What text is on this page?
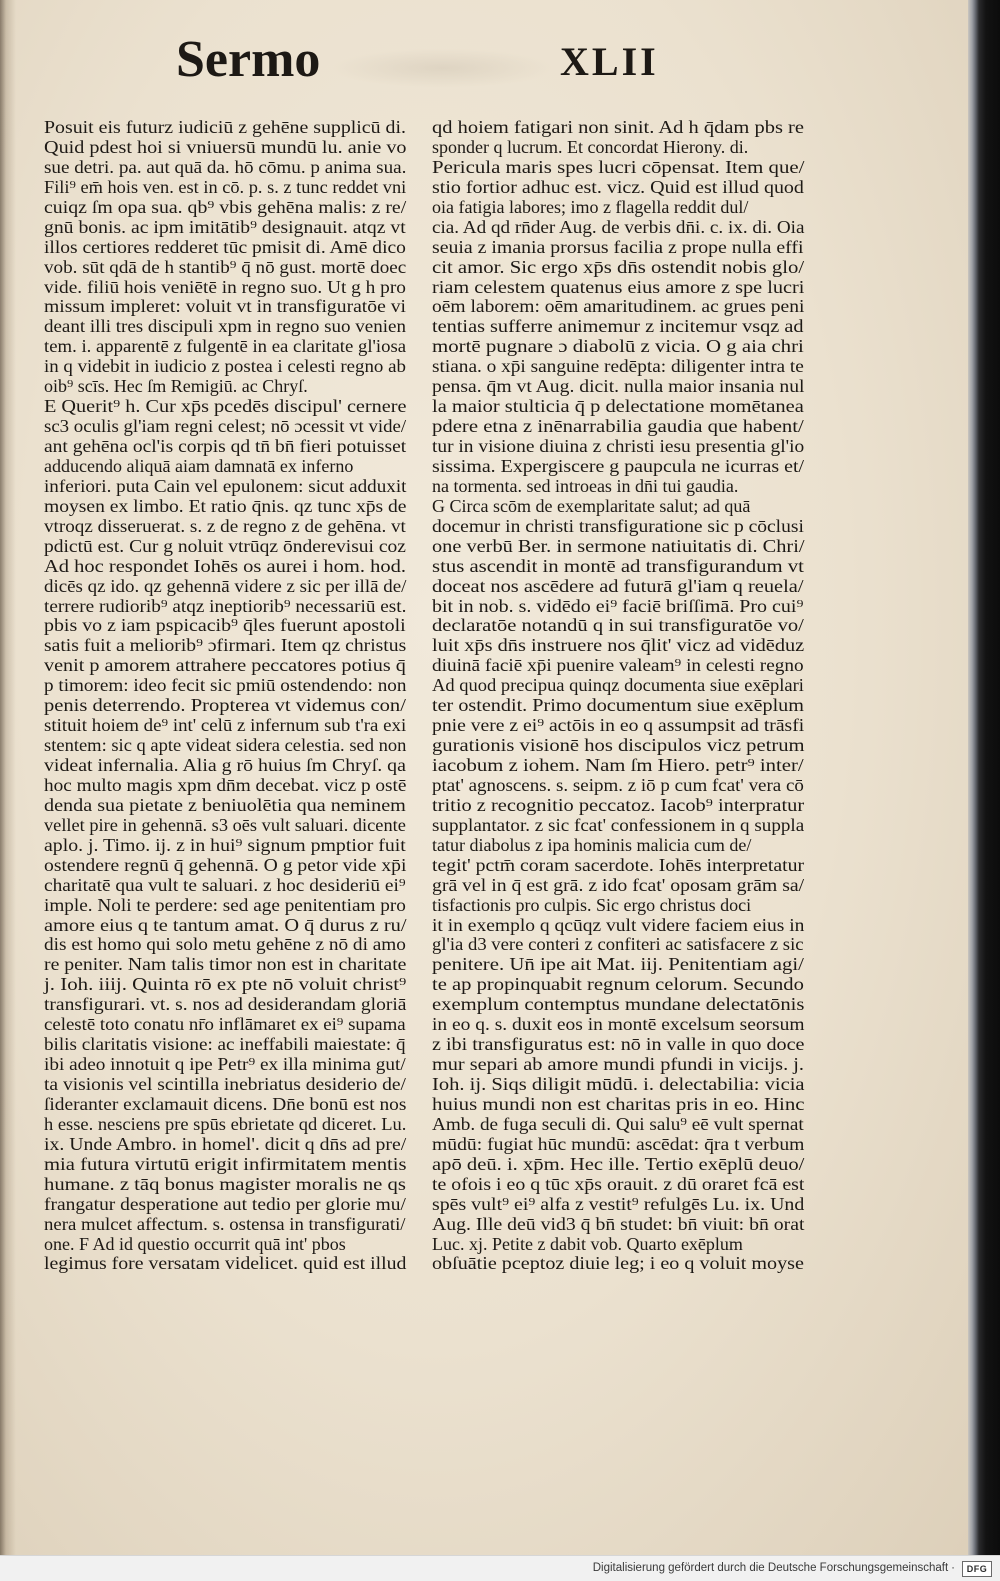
Sermo	XLII
Posuit eis futurz iudiciū z gehēne supplicū di.
Quid pdest hoi si vniuersū mundū lu. anie vo
sue detri. pa. aut quā da. hō cōmu. p anima sua.
Fili⁹ em̄ hois ven. est in cō. p. s. z tunc reddet vni
cuiqz ſm opa sua. qb⁹ vbis gehēna malis: z re/
gnū bonis. ac ipm imitātib⁹ designauit. atqz vt
illos certiores redderet tūc pmisit di. Amē dico
vob. sūt qdā de h stantib⁹ q̄ nō gust. mortē doec
vide. filiū hois veniētē in regno suo. Ut g h pro
missum impleret: voluit vt in transfiguratōe vi
deant illi tres discipuli xpm in regno suo venien
tem. i. apparentē z fulgentē in ea claritate gl'iosa
in q videbit in iudicio z postea i celesti regno ab
oib⁹ scīs. Hec ſm Remigiū. ac Chryſ.
E Querit⁹ h. Cur xp̄s pcedēs discipul' cernere
sc3 oculis gl'iam regni celest; nō ɔcessit vt vide/
ant gehēna ocl'is corpis qd tn̄ bn̄ fieri potuisset
adducendo aliquā aiam damnatā ex inferno
inferiori. puta Cain vel epulonem: sicut adduxit
moysen ex limbo. Et ratio q̄nis. qz tunc xp̄s de
vtroqz disseruerat. s. z de regno z de gehēna. vt
pdictū est. Cur g noluit vtrūqz ōnderevisui coz
Ad hoc respondet Iohēs os aurei i hom. hod.
dicēs qz ido. qz gehennā videre z sic per illā de/
terrere rudiorib⁹ atqz ineptiorib⁹ necessariū est.
pbis vo z iam pspicacib⁹ q̄les fuerunt apostoli
satis fuit a meliorib⁹ ɔfirmari. Item qz christus
venit p amorem attrahere peccatores potius q̄
p timorem: ideo fecit sic pmiū ostendendo: non
penis deterrendo. Propterea vt videmus con/
stituit hoiem de⁹ int' celū z infernum sub t'ra exi
stentem: sic q apte videat sidera celestia. sed non
videat infernalia. Alia g rō huius ſm Chryſ. qa
hoc multo magis xpm dn̄m decebat. vicz p ostē
denda sua pietate z beniuolētia qua neminem
vellet pire in gehennā. s3 oēs vult saluari. dicente
aplo. j. Timo. ij. z in hui⁹ signum pmptior fuit
ostendere regnū q̄ gehennā. O g petor vide xp̄i
charitatē qua vult te saluari. z hoc desideriū ei⁹
imple. Noli te perdere: sed age penitentiam pro
amore eius q te tantum amat. O q̄ durus z ru/
dis est homo qui solo metu gehēne z nō di amo
re peniter. Nam talis timor non est in charitate
j. Ioh. iiij. Quinta rō ex pte nō voluit christ⁹
transfigurari. vt. s. nos ad desiderandam gloriā
celestē toto conatu nr̄o inflāmaret ex ei⁹ supama
bilis claritatis visione: ac ineffabili maiestate: q̄
ibi adeo innotuit q ipe Petr⁹ ex illa minima gut/
ta visionis vel scintilla inebriatus desiderio de/
ſideranter exclamauit dicens. Dn̄e bonū est nos
h esse. nesciens pre spūs ebrietate qd diceret. Lu.
ix. Unde Ambro. in homel'. dicit q dn̄s ad pre/
mia futura virtutū erigit infirmitatem mentis
humane. z tāq bonus magister moralis ne qs
frangatur desperatione aut tedio per glorie mu/
nera mulcet affectum. s. ostensa in transfigurati/
one. F Ad id questio occurrit quā int' pbos
legimus fore versatam videlicet. quid est illud
qd hoiem fatigari non sinit. Ad h q̄dam pbs re
sponder q lucrum. Et concordat Hierony. di.
Pericula maris spes lucri cōpensat. Item que/
stio fortior adhuc est. vicz. Quid est illud quod
oia fatigia labores; imo z flagella reddit dul/
cia. Ad qd rn̄der Aug. de verbis dn̄i. c. ix. di. Oia
seuia z imania prorsus facilia z prope nulla effi
cit amor. Sic ergo xp̄s dn̄s ostendit nobis glo/
riam celestem quatenus eius amore z spe lucri
oēm laborem: oēm amaritudinem. ac grues peni
tentias sufferre animemur z incitemur vsqz ad
mortē pugnare ɔ diabolū z vicia. O g aia chri
stiana. o xp̄i sanguine redēpta: diligenter intra te
pensa. q̄m vt Aug. dicit. nulla maior insania nul
la maior stulticia q̄ p delectatione momētanea
pdere etna z inēnarrabilia gaudia que habent/
tur in visione diuina z christi iesu presentia gl'io
sissima. Expergiscere g paupcula ne icurras et/
na tormenta. sed introeas in dn̄i tui gaudia.
G Circa scōm de exemplaritate salut; ad quā
docemur in christi transfiguratione sic p cōclusi
one verbū Ber. in sermone natiuitatis di. Chri/
stus ascendit in montē ad transfigurandum vt
doceat nos ascēdere ad futurā gl'iam q reuela/
bit in nob. s. vidēdo ei⁹ faciē briſſimā. Pro cui⁹
declaratōe notandū q in sui transfiguratōe vo/
luit xp̄s dn̄s instruere nos q̄lit' vicz ad vidēduz
diuinā faciē xp̄i puenire valeam⁹ in celesti regno
Ad quod precipua quinqz documenta siue exēplari
ter ostendit. Primo documentum siue exēplum
pnie vere z ei⁹ actōis in eo q assumpsit ad trāsfi
gurationis visionē hos discipulos vicz petrum
iacobum z iohem. Nam ſm Hiero. petr⁹ inter/
ptat' agnoscens. s. seipm. z iō p cum fcat' vera cō
tritio z recognitio peccatoz. Iacob⁹ interpratur
supplantator. z sic fcat' confessionem in q suppla
tatur diabolus z ipa hominis malicia cum de/
tegit' pctm̄ coram sacerdote. Iohēs interpretatur
grā vel in q̄ est grā. z ido fcat' oposam grām sa/
tisfactionis pro culpis. Sic ergo christus doci
it in exemplo q qcūqz vult videre faciem eius in
gl'ia d3 vere conteri z confiteri ac satisfacere z sic
penitere. Un̄ ipe ait Mat. iij. Penitentiam agi/
te ap propinquabit regnum celorum. Secundo
exemplum contemptus mundane delectatōnis
in eo q. s. duxit eos in montē excelsum seorsum
z ibi transfiguratus est: nō in valle in quo doce
mur separi ab amore mundi pfundi in vicijs. j.
Ioh. ij. Siqs diligit mūdū. i. delectabilia: vicia
huius mundi non est charitas pris in eo. Hinc
Amb. de fuga seculi di. Qui salu⁹ eē vult spernat
mūdū: fugiat hūc mundū: ascēdat: q̄ra t verbum
apō deū. i. xp̄m. Hec ille. Tertio exēplū deuo/
te ofois i eo q tūc xp̄s orauit. z dū oraret fcā est
spēs vult⁹ ei⁹ alfa z vestit⁹ refulgēs Lu. ix. Und
Aug. Ille deū vid3 q̄ bn̄ studet: bn̄ viuit: bn̄ orat
Luc. xj. Petite z dabit vob. Quarto exēplum
obſuātie pceptoz diuie leg; i eo q voluit moyse
Digitalisierung gefördert durch die Deutsche Forschungsgemeinschaft ·	DFG
